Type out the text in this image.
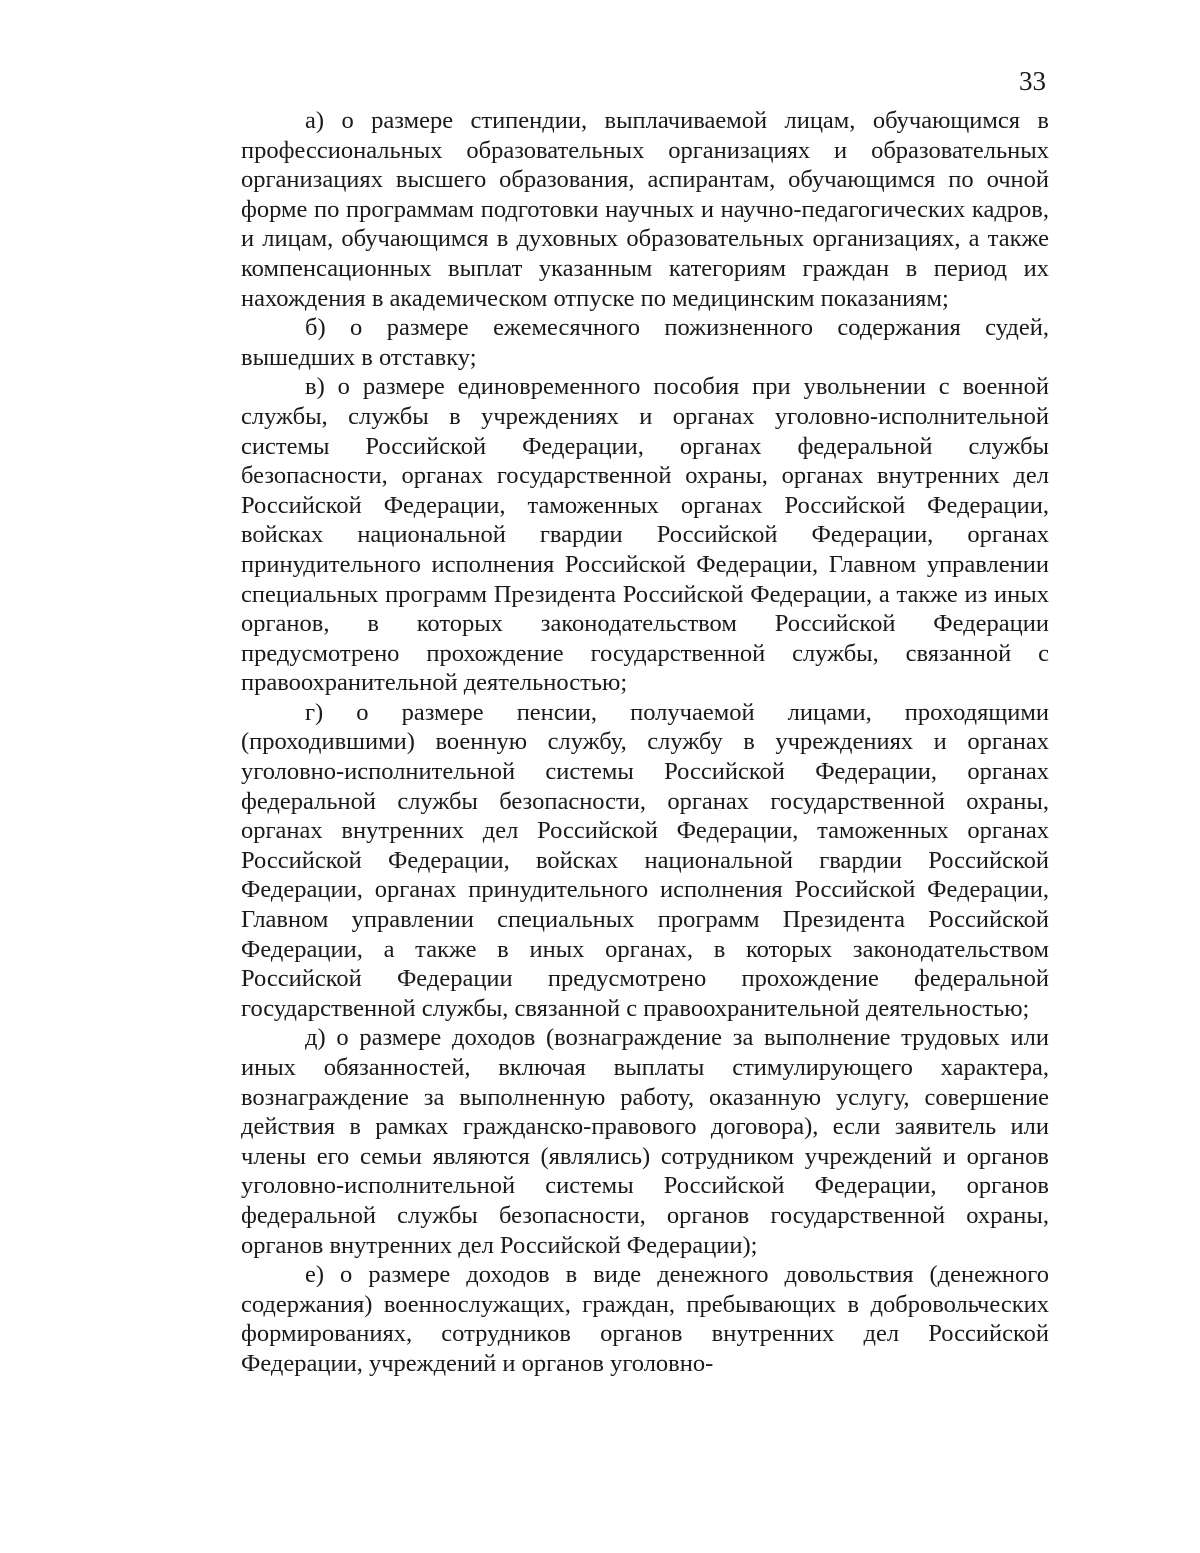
33

а) о размере стипендии, выплачиваемой лицам, обучающимся в профессиональных образовательных организациях и образовательных организациях высшего образования, аспирантам, обучающимся по очной форме по программам подготовки научных и научно-педагогических кадров, и лицам, обучающимся в духовных образовательных организациях, а также компенсационных выплат указанным категориям граждан в период их нахождения в академическом отпуске по медицинским показаниям;

б) о размере ежемесячного пожизненного содержания судей, вышедших в отставку;

в) о размере единовременного пособия при увольнении с военной службы, службы в учреждениях и органах уголовно-исполнительной системы Российской Федерации, органах федеральной службы безопасности, органах государственной охраны, органах внутренних дел Российской Федерации, таможенных органах Российской Федерации, войсках национальной гвардии Российской Федерации, органах принудительного исполнения Российской Федерации, Главном управлении специальных программ Президента Российской Федерации, а также из иных органов, в которых законодательством Российской Федерации предусмотрено прохождение государственной службы, связанной с правоохранительной деятельностью;

г) о размере пенсии, получаемой лицами, проходящими (проходившими) военную службу, службу в учреждениях и органах уголовно-исполнительной системы Российской Федерации, органах федеральной службы безопасности, органах государственной охраны, органах внутренних дел Российской Федерации, таможенных органах Российской Федерации, войсках национальной гвардии Российской Федерации, органах принудительного исполнения Российской Федерации, Главном управлении специальных программ Президента Российской Федерации, а также в иных органах, в которых законодательством Российской Федерации предусмотрено прохождение федеральной государственной службы, связанной с правоохранительной деятельностью;

д) о размере доходов (вознаграждение за выполнение трудовых или иных обязанностей, включая выплаты стимулирующего характера, вознаграждение за выполненную работу, оказанную услугу, совершение действия в рамках гражданско-правового договора), если заявитель или члены его семьи являются (являлись) сотрудником учреждений и органов уголовно-исполнительной системы Российской Федерации, органов федеральной службы безопасности, органов государственной охраны, органов внутренних дел Российской Федерации);

е) о размере доходов в виде денежного довольствия (денежного содержания) военнослужащих, граждан, пребывающих в добровольческих формированиях, сотрудников органов внутренних дел Российской Федерации, учреждений и органов уголовно-
